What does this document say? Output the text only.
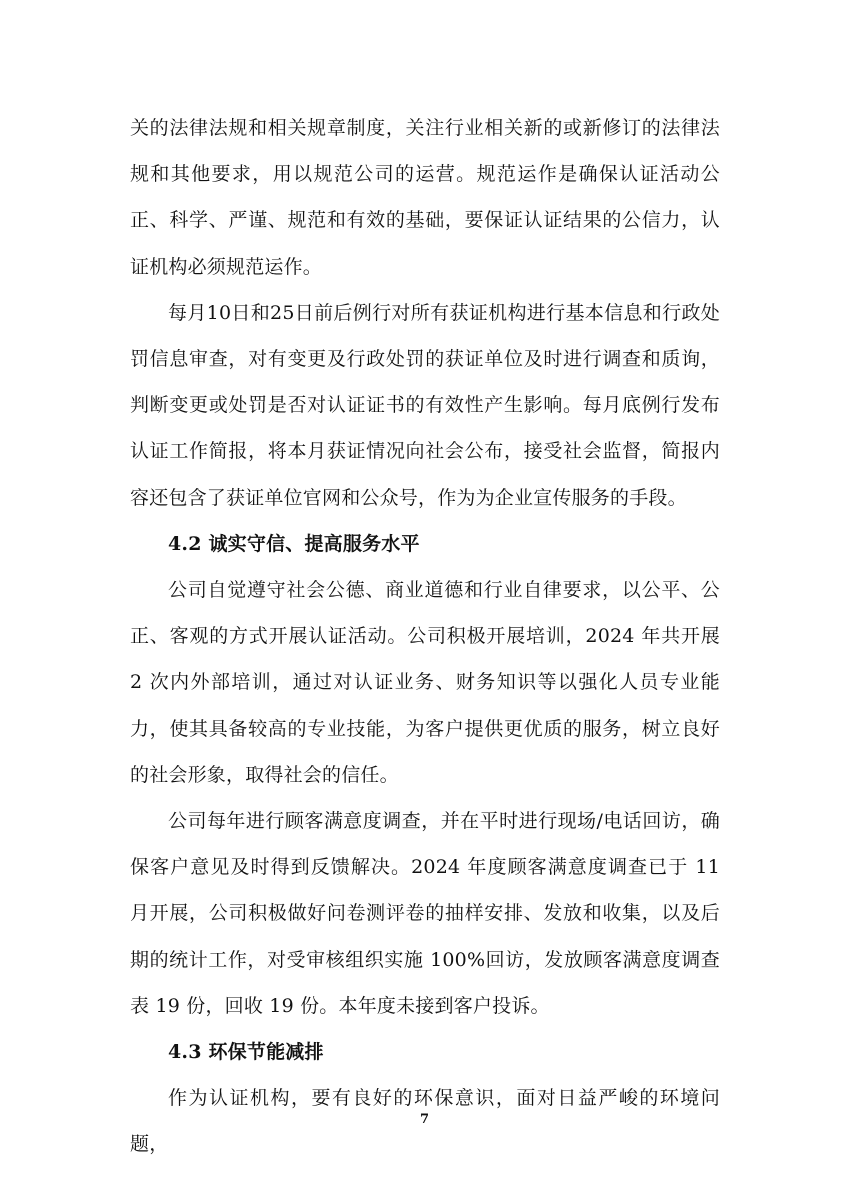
关的法律法规和相关规章制度，关注行业相关新的或新修订的法律法规和其他要求，用以规范公司的运营。规范运作是确保认证活动公正、科学、严谨、规范和有效的基础，要保证认证结果的公信力，认证机构必须规范运作。

每月10日和25日前后例行对所有获证机构进行基本信息和行政处罚信息审查，对有变更及行政处罚的获证单位及时进行调查和质询，判断变更或处罚是否对认证证书的有效性产生影响。每月底例行发布认证工作简报，将本月获证情况向社会公布，接受社会监督，简报内容还包含了获证单位官网和公众号，作为为企业宣传服务的手段。

4.2 诚实守信、提高服务水平

公司自觉遵守社会公德、商业道德和行业自律要求，以公平、公正、客观的方式开展认证活动。公司积极开展培训，2024 年共开展 2 次内外部培训，通过对认证业务、财务知识等以强化人员专业能力，使其具备较高的专业技能，为客户提供更优质的服务，树立良好的社会形象，取得社会的信任。

公司每年进行顾客满意度调查，并在平时进行现场/电话回访，确保客户意见及时得到反馈解决。2024 年度顾客满意度调查已于 11 月开展，公司积极做好问卷测评卷的抽样安排、发放和收集，以及后期的统计工作，对受审核组织实施 100%回访，发放顾客满意度调查表 19 份，回收 19 份。本年度未接到客户投诉。

4.3 环保节能减排

作为认证机构，要有良好的环保意识，面对日益严峻的环境问题，

7
